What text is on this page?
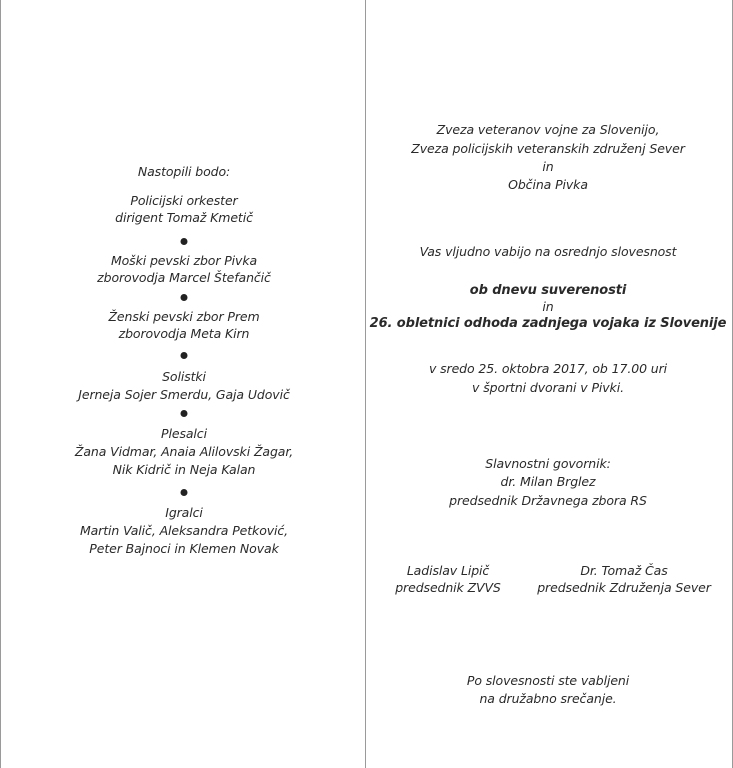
Nastopili bodo:
Policijski orkester
dirigent Tomaž Kmetič
Moški pevski zbor Pivka
zborovodja Marcel Štefančič
Ženski pevski zbor Prem
zborovodja Meta Kirn
Solistki
Jerneja Sojer Smerdu, Gaja Udovič
Plesalci
Žana Vidmar, Anaia Alilovski Žagar,
Nik Kidrič in Neja Kalan
Igralci
Martin Valič, Aleksandra Petković,
Peter Bajnoci in Klemen Novak
Zveza veteranov vojne za Slovenijo,
Zveza policijskih veteranskih združenj Sever
in
Občina Pivka
Vas vljudno vabijo na osrednjo slovesnost
ob dnevu suverenosti
in
26. obletnici odhoda zadnjega vojaka iz Slovenije
v sredo 25. oktobra 2017, ob 17.00 uri
v športni dvorani v Pivki.
Slavnostni govornik:
dr. Milan Brglez
predsednik Državnega zbora RS
Ladislav Lipič
predsednik ZVVS
Dr. Tomaž Čas
predsednik Združenja Sever
Po slovesnosti ste vabljeni
na družabno srečanje.
